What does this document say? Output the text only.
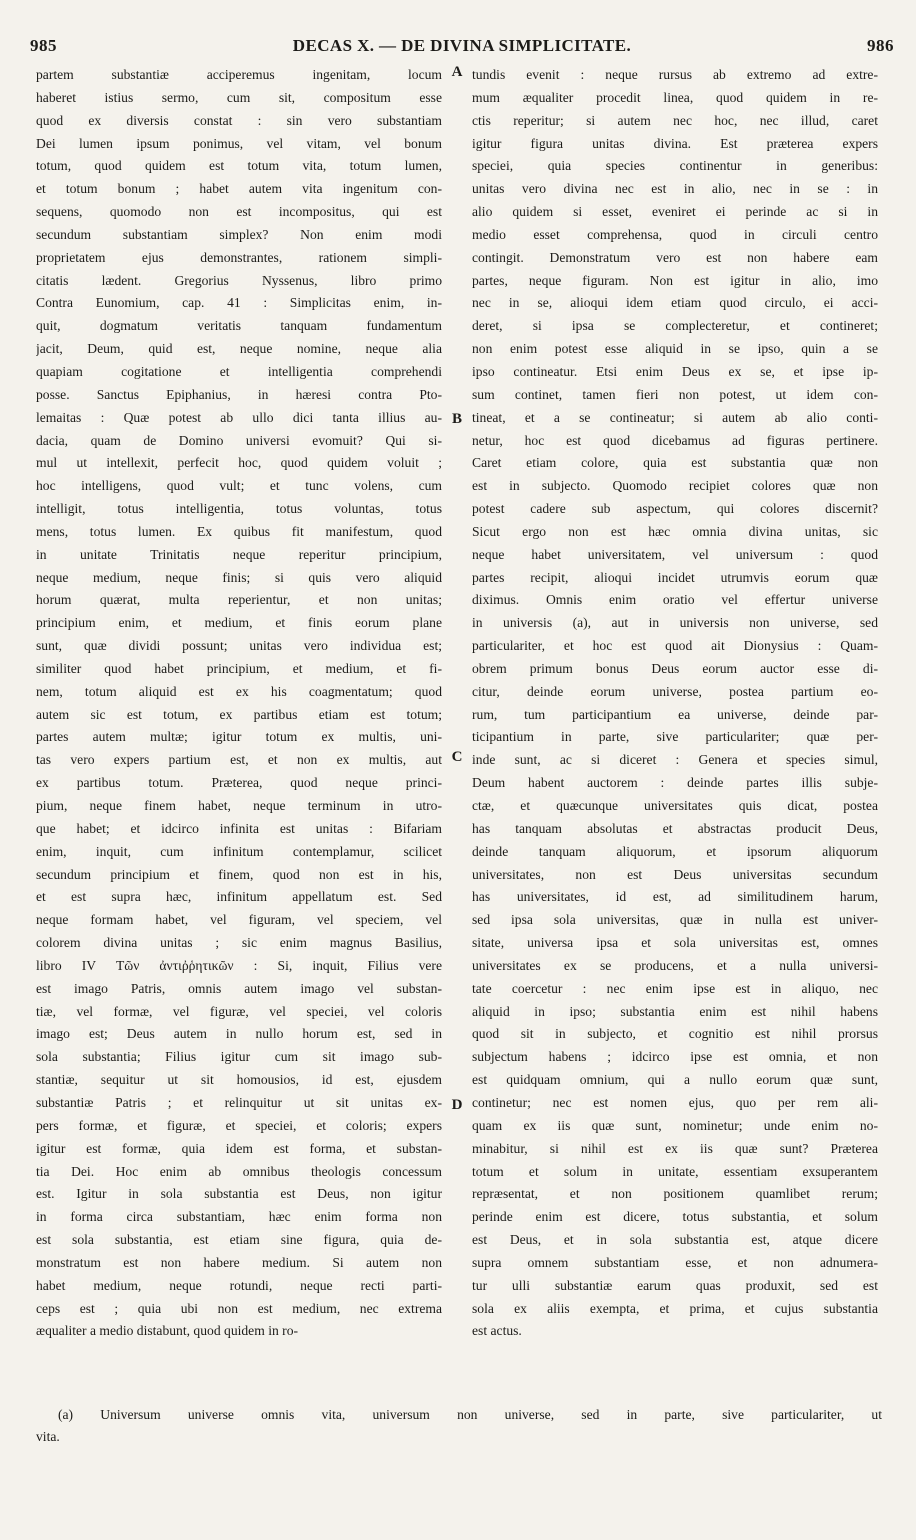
985	DECAS X. — DE DIVINA SIMPLICITATE.	986
partem substantiæ acciperemus ingenitam, locum
haberet istius sermo, cum sit, compositum esse
quod ex diversis constat : sin vero substantiam
Dei lumen ipsum ponimus, vel vitam, vel bonum
totum, quod quidem est totum vita, totum lumen,
et totum bonum ; habet autem vita ingenitum con-
sequens, quomodo non est incompositus, qui est
secundum substantiam simplex? Non enim modi
proprietatem ejus demonstrantes, rationem simpli-
citatis lædent. Gregorius Nyssenus, libro primo
Contra Eunomium, cap. 41 : Simplicitas enim, in-
quit, dogmatum veritatis tanquam fundamentum
jacit, Deum, quid est, neque nomine, neque alia
quapiam cogitatione et intelligentia comprehendi
posse. Sanctus Epiphanius, in hæresi contra Pto-
lemaitas : Quæ potest ab ullo dici tanta illius au-
dacia, quam de Domino universi evomuit? Qui si-
mul ut intellexit, perfecit hoc, quod quidem voluit ;
hoc intelligens, quod vult; et tunc volens, cum
intelligit, totus intelligentia, totus voluntas, totus
mens, totus lumen. Ex quibus fit manifestum, quod
in unitate Trinitatis neque reperitur principium,
neque medium, neque finis; si quis vero aliquid
horum quærat, multa reperientur, et non unitas;
principium enim, et medium, et finis eorum plane
sunt, quæ dividi possunt; unitas vero individua est;
similiter quod habet principium, et medium, et fi-
nem, totum aliquid est ex his coagmentatum; quod
autem sic est totum, ex partibus etiam est totum;
partes autem multæ; igitur totum ex multis, uni-
tas vero expers partium est, et non ex multis, aut
ex partibus totum. Præterea, quod neque princi-
pium, neque finem habet, neque terminum in utro-
que habet; et idcirco infinita est unitas : Bifariam
enim, inquit, cum infinitum contemplamur, scilicet
secundum principium et finem, quod non est in his,
et est supra hæc, infinitum appellatum est. Sed
neque formam habet, vel figuram, vel speciem, vel
colorem divina unitas ; sic enim magnus Basilius,
libro IV Τῶν ἀντιῤῥητικῶν : Si, inquit, Filius vere
est imago Patris, omnis autem imago vel substan-
tiæ, vel formæ, vel figuræ, vel speciei, vel coloris
imago est; Deus autem in nullo horum est, sed in
sola substantia; Filius igitur cum sit imago sub-
stantiæ, sequitur ut sit homousios, id est, ejusdem
substantiæ Patris ; et relinquitur ut sit unitas ex-
pers formæ, et figuræ, et speciei, et coloris; expers
igitur est formæ, quia idem est forma, et substan-
tia Dei. Hoc enim ab omnibus theologis concessum
est. Igitur in sola substantia est Deus, non igitur
in forma circa substantiam, hæc enim forma non
est sola substantia, est etiam sine figura, quia de-
monstratum est non habere medium. Si autem non
habet medium, neque rotundi, neque recti parti-
ceps est ; quia ubi non est medium, nec extrema
æqualiter a medio distabunt, quod quidem in ro-
tundis evenit : neque rursus ab extremo ad extre-
mum æqualiter procedit linea, quod quidem in re-
ctis reperitur; si autem nec hoc, nec illud, caret
igitur figura unitas divina. Est præterea expers
speciei, quia species continentur in generibus:
unitas vero divina nec est in alio, nec in se : in
alio quidem si esset, eveniret ei perinde ac si in
medio esset comprehensa, quod in circuli centro
contingit. Demonstratum vero est non habere eam
partes, neque figuram. Non est igitur in alio, imo
nec in se, alioqui idem etiam quod circulo, ei acci-
deret, si ipsa se complecteretur, et contineret;
non enim potest esse aliquid in se ipso, quin a se
ipso contineatur. Etsi enim Deus ex se, et ipse ip-
sum continet, tamen fieri non potest, ut idem con-
tineat, et a se contineatur; si autem ab alio conti-
netur, hoc est quod dicebamus ad figuras pertinere.
Caret etiam colore, quia est substantia quæ non
est in subjecto. Quomodo recipiet colores quæ non
potest cadere sub aspectum, qui colores discernit?
Sicut ergo non est hæc omnia divina unitas, sic
neque habet universitatem, vel universum : quod
partes recipit, alioqui incidet utrumvis eorum quæ
diximus. Omnis enim oratio vel effertur universe
in universis (a), aut in universis non universe, sed
particulariter, et hoc est quod ait Dionysius : Quam-
obrem primum bonus Deus eorum auctor esse di-
citur, deinde eorum universe, postea partium eo-
rum, tum participantium ea universe, deinde par-
ticipantium in parte, sive particulariter; quæ per-
inde sunt, ac si diceret : Genera et species simul,
Deum habent auctorem : deinde partes illis subje-
ctæ, et quæcunque universitates quis dicat, postea
has tanquam absolutas et abstractas producit Deus,
deinde tanquam aliquorum, et ipsorum aliquorum
universitates, non est Deus universitas secundum
has universitates, id est, ad similitudinem harum,
sed ipsa sola universitas, quæ in nulla est univer-
sitate, universa ipsa et sola universitas est, omnes
universitates ex se producens, et a nulla universi-
tate coercetur : nec enim ipse est in aliquo, nec
aliquid in ipso; substantia enim est nihil habens
quod sit in subjecto, et cognitio est nihil prorsus
subjectum habens ; idcirco ipse est omnia, et non
est quidquam omnium, qui a nullo eorum quæ sunt,
continetur; nec est nomen ejus, quo per rem ali-
quam ex iis quæ sunt, nominetur; unde enim no-
minabitur, si nihil est ex iis quæ sunt? Præterea
totum et solum in unitate, essentiam exsuperantem
repræsentat, et non positionem quamlibet rerum;
perinde enim est dicere, totus substantia, et solum
est Deus, et in sola substantia est, atque dicere
supra omnem substantiam esse, et non adnumera-
tur ulli substantiæ earum quas produxit, sed est
sola ex aliis exempta, et prima, et cujus substantia
est actus.
A
B
C
D
(a) Universum universe omnis vita, universum non universe, sed in parte, sive particulariter, ut
vita.
